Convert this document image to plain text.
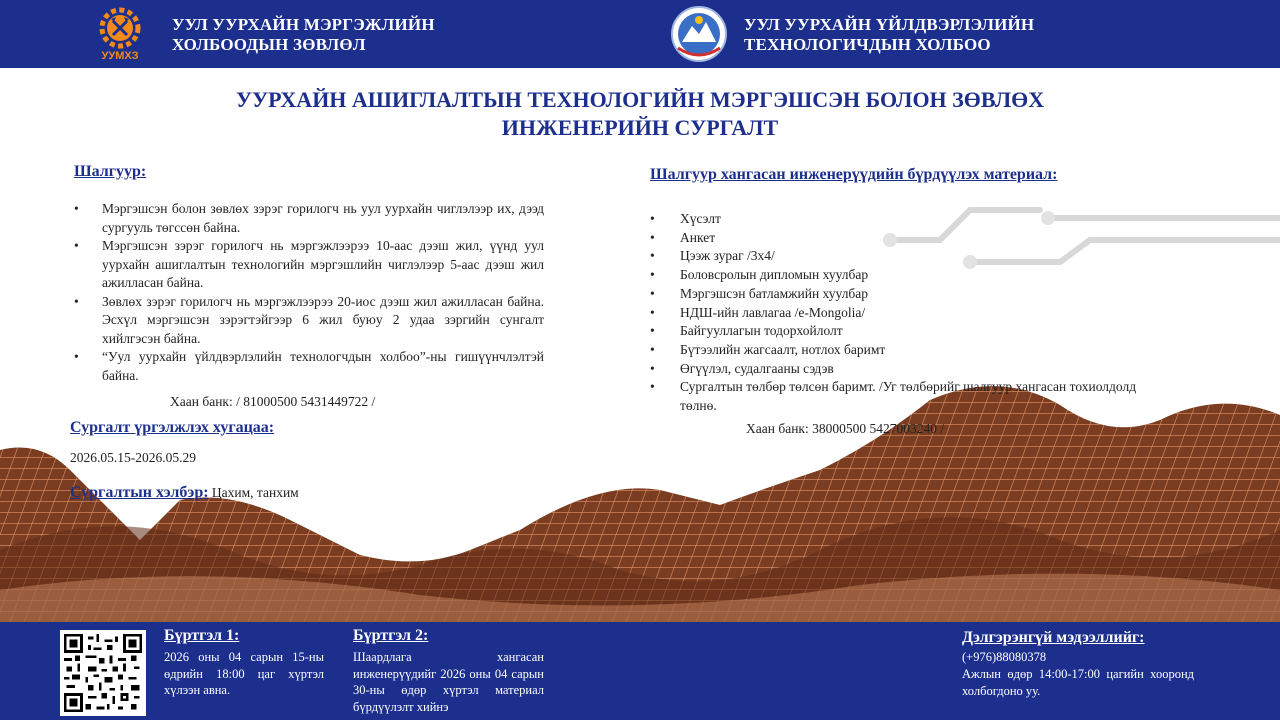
УУМХЗ
УУЛ УУРХАЙН МЭРГЭЖЛИЙН
ХОЛБООДЫН ЗӨВЛӨЛ
УУЛ УУРХАЙН ҮЙЛДВЭРЛЭЛИЙН
ТЕХНОЛОГИЧДЫН ХОЛБОО
УУРХАЙН АШИГЛАЛТЫН ТЕХНОЛОГИЙН МЭРГЭШСЭН БОЛОН ЗӨВЛӨХ
ИНЖЕНЕРИЙН СУРГАЛТ
Шалгуур:
• Мэргэшсэн болон зөвлөх зэрэг горилогч нь уул уурхайн чиглэлээр их, дээд сургууль төгссөн байна.
• Мэргэшсэн зэрэг горилогч нь мэргэжлээрээ 10-аас дээш жил, үүнд уул уурхайн ашиглалтын технологийн мэргэшлийн чиглэлээр 5-аас дээш жил ажилласан байна.
• Зөвлөх зэрэг горилогч нь мэргэжлээрээ 20-иос дээш жил ажилласан байна. Эсхүл мэргэшсэн зэрэгтэйгээр 6 жил буюу 2 удаа зэргийн сунгалт хийлгэсэн байна.
• “Уул уурхайн үйлдвэрлэлийн технологчдын холбоо”-ны гишүүнчлэлтэй байна.
Хаан банк: / 81000500 5431449722 /
Сургалт үргэлжлэх хугацаа:
2026.05.15-2026.05.29
Сургалтын хэлбэр: Цахим, танхим
Шалгуур хангасан инженерүүдийн бүрдүүлэх материал:
• Хүсэлт
• Анкет
• Цээж зураг /3х4/
• Боловсролын дипломын хуулбар
• Мэргэшсэн батламжийн хуулбар
• НДШ-ийн лавлагаа /e-Mongolia/
• Байгууллагын тодорхойлолт
• Бүтээлийн жагсаалт, нотлох баримт
• Өгүүлэл, судалгааны сэдэв
• Сургалтын төлбөр төлсөн баримт. /Уг төлбөрийг шалгуур хангасан тохиолдолд төлнө.
Хаан банк: 38000500 5427003240 /
Бүртгэл 1:
2026 оны 04 сарын 15-ны өдрийн 18:00 цаг хүртэл хүлээн авна.
Бүртгэл 2:
Шаардлага хангасан инженерүүдийг 2026 оны 04 сарын 30-ны өдөр хүртэл материал бүрдүүлэлт хийнэ
Дэлгэрэнгүй мэдээллийг:
(+976)88080378
Ажлын өдөр 14:00-17:00 цагийн хооронд холбогдоно уу.
